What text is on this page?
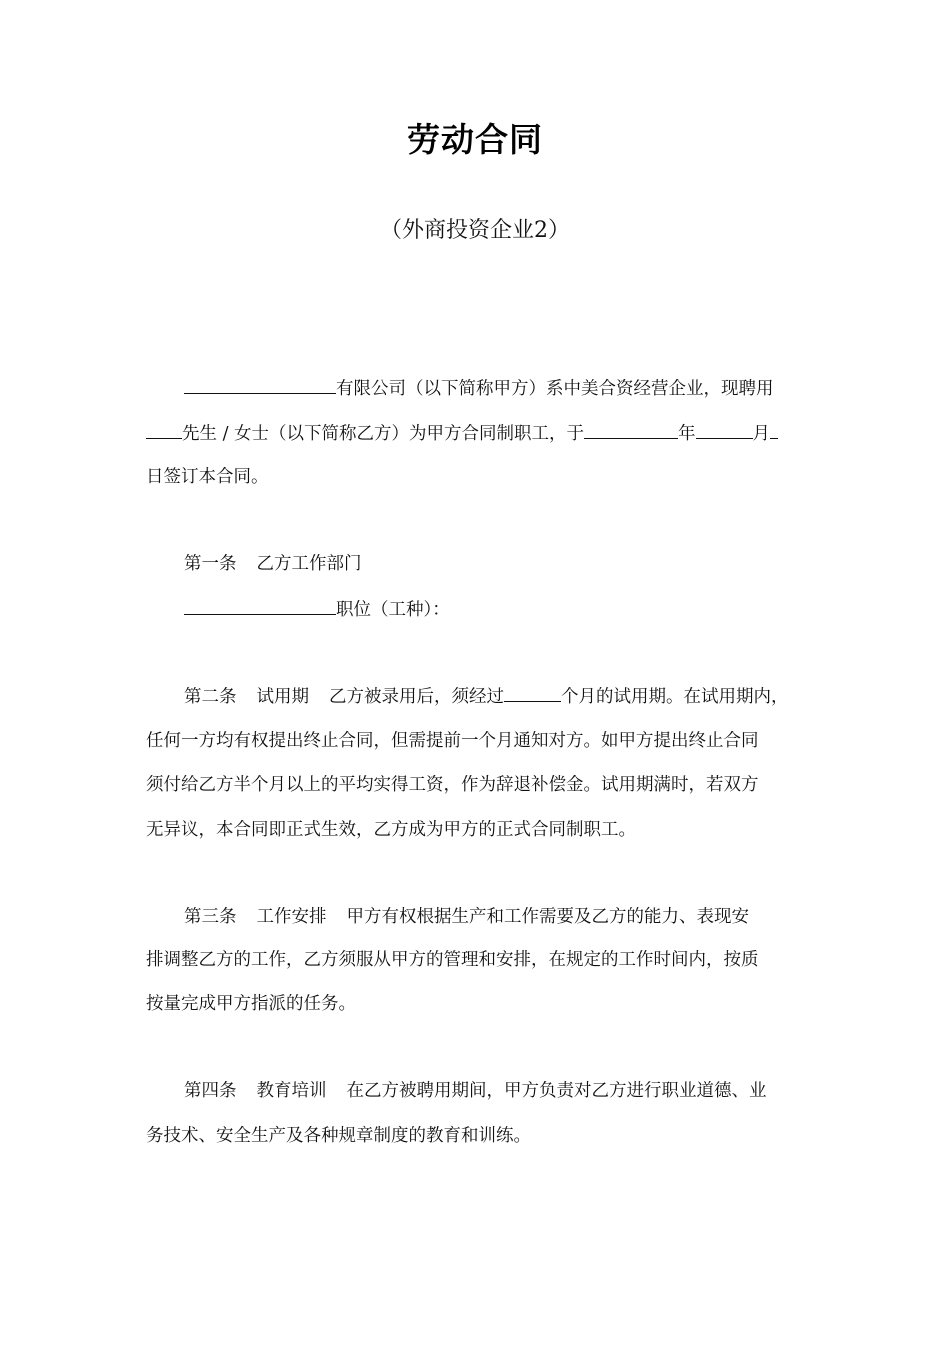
劳动合同
（外商投资企业2）
有限公司（以下简称甲方）系中美合资经营企业，现聘用
先生 / 女士（以下简称乙方）为甲方合同制职工，于	年	月
日签订本合同。
第一条 乙方工作部门
职位（工种）：
第二条 试用期 乙方被录用后，须经过	个月的试用期。在试用期内，
任何一方均有权提出终止合同，但需提前一个月通知对方。如甲方提出终止合同
须付给乙方半个月以上的平均实得工资，作为辞退补偿金。试用期满时，若双方
无异议，本合同即正式生效，乙方成为甲方的正式合同制职工。
第三条 工作安排 甲方有权根据生产和工作需要及乙方的能力、表现安
排调整乙方的工作，乙方须服从甲方的管理和安排，在规定的工作时间内，按质
按量完成甲方指派的任务。
第四条 教育培训 在乙方被聘用期间，甲方负责对乙方进行职业道德、业
务技术、安全生产及各种规章制度的教育和训练。
